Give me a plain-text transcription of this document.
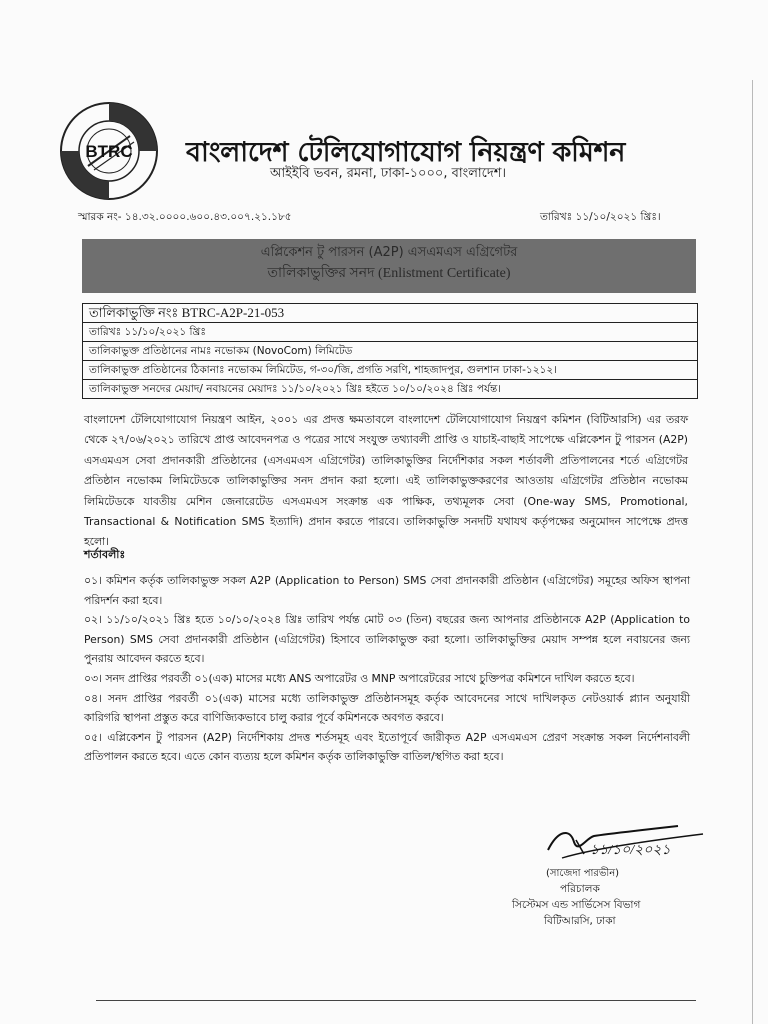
BTRC বাংলাদেশ টেলিযোগাযোগ নিয়ন্ত্রণ কমিশন
আইইবি ভবন, রমনা, ঢাকা-১০০০, বাংলাদেশ।
স্মারক নং- ১৪.৩২.০০০০.৬০০.৪৩.০০৭.২১.১৮৫	তারিখঃ ১১/১০/২০২১ খ্রিঃ।
এপ্লিকেশন টু পারসন (A2P) এসএমএস এগ্রিগেটর
তালিকাভুক্তির সনদ (Enlistment Certificate)
তালিকাভুক্তি নংঃ BTRC-A2P-21-053
তারিখঃ ১১/১০/২০২১ খ্রিঃ
তালিকাভুক্ত প্রতিষ্ঠানের নামঃ নভোকম (NovoCom) লিমিটেড
তালিকাভুক্ত প্রতিষ্ঠানের ঠিকানাঃ নভোকম লিমিটেড, গ-৩০/জি, প্রগতি সরণি, শাহজাদপুর, গুলশান ঢাকা-১২১২।
তালিকাভুক্ত সনদের মেয়াদ/ নবায়নের মেয়াদঃ ১১/১০/২০২১ খ্রিঃ হইতে ১০/১০/২০২৪ খ্রিঃ পর্যন্ত।
বাংলাদেশ টেলিযোগাযোগ নিয়ন্ত্রণ আইন, ২০০১ এর প্রদত্ত ক্ষমতাবলে বাংলাদেশ টেলিযোগাযোগ নিয়ন্ত্রণ কমিশন (বিটিআরসি) এর তরফ থেকে ২৭/০৬/২০২১ তারিখে প্রাপ্ত আবেদনপত্র ও পত্রের সাথে সংযুক্ত তথ্যাবলী প্রাপ্তি ও যাচাই-বাছাই সাপেক্ষে এপ্লিকেশন টু পারসন (A2P) এসএমএস সেবা প্রদানকারী প্রতিষ্ঠানের (এসএমএস এগ্রিগেটর) তালিকাভুক্তির নির্দেশিকার সকল শর্তাবলী প্রতিপালনের শর্তে এগ্রিগেটর প্রতিষ্ঠান নভোকম লিমিটেডকে তালিকাভুক্তির সনদ প্রদান করা হলো। এই তালিকাভুক্তকরণের আওতায় এগ্রিগেটর প্রতিষ্ঠান নভোকম লিমিটেডকে যাবতীয় মেশিন জেনারেটেড এসএমএস সংক্রান্ত এক পাক্ষিক, তথ্যমূলক সেবা (One-way SMS, Promotional, Transactional & Notification SMS ইত্যাদি) প্রদান করতে পারবে। তালিকাভুক্তি সনদটি যথাযথ কর্তৃপক্ষের অনুমোদন সাপেক্ষে প্রদত্ত হলো।
শর্তাবলীঃ

০১। কমিশন কর্তৃক তালিকাভুক্ত সকল A2P (Application to Person) SMS সেবা প্রদানকারী প্রতিষ্ঠান (এগ্রিগেটর) সমূহের অফিস স্থাপনা পরিদর্শন করা হবে।

০২। ১১/১০/২০২১ খ্রিঃ হতে ১০/১০/২০২৪ খ্রিঃ তারিখ পর্যন্ত মোট ০৩ (তিন) বছরের জন্য আপনার প্রতিষ্ঠানকে A2P (Application to Person) SMS সেবা প্রদানকারী প্রতিষ্ঠান (এগ্রিগেটর) হিসাবে তালিকাভুক্ত করা হলো। তালিকাভুক্তির মেয়াদ সম্পন্ন হলে নবায়নের জন্য পুনরায় আবেদন করতে হবে।

০৩। সনদ প্রাপ্তির পরবর্তী ০১(এক) মাসের মধ্যে ANS অপারেটর ও MNP অপারেটরের সাথে চুক্তিপত্র কমিশনে দাখিল করতে হবে।

০৪। সনদ প্রাপ্তির পরবর্তী ০১(এক) মাসের মধ্যে তালিকাভুক্ত প্রতিষ্ঠানসমূহ কর্তৃক আবেদনের সাথে দাখিলকৃত নেটওয়ার্ক প্ল্যান অনুযায়ী কারিগরি স্থাপনা প্রস্তুত করে বাণিজ্যিকভাবে চালু করার পূর্বে কমিশনকে অবগত করবে।

০৫। এপ্লিকেশন টু পারসন (A2P) নির্দেশিকায় প্রদত্ত শর্তসমূহ এবং ইতোপূর্বে জারীকৃত A2P এসএমএস প্রেরণ সংক্রান্ত সকল নির্দেশনাবলী প্রতিপালন করতে হবে। এতে কোন ব্যত্যয় হলে কমিশন কর্তৃক তালিকাভুক্তি বাতিল/স্থগিত করা হবে।

১১/১০/২০২১
(সাজেদা পারভীন)
পরিচালক
সিস্টেমস এন্ড সার্ভিসেস বিভাগ
বিটিআরসি, ঢাকা
